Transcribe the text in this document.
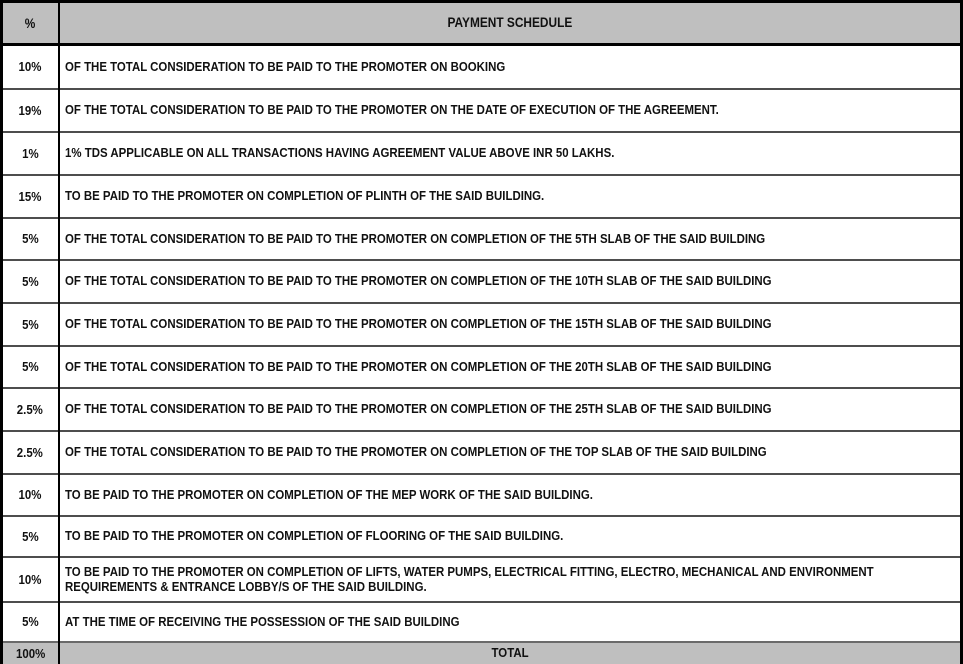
%	PAYMENT SCHEDULE
10%	OF THE TOTAL CONSIDERATION TO BE PAID TO THE PROMOTER ON BOOKING

19%	OF THE TOTAL CONSIDERATION TO BE PAID TO THE PROMOTER ON THE DATE OF EXECUTION OF THE AGREEMENT.

1%	1% TDS APPLICABLE ON ALL TRANSACTIONS HAVING AGREEMENT VALUE ABOVE INR 50 LAKHS.

15%	TO BE PAID TO THE PROMOTER ON COMPLETION OF PLINTH OF THE SAID BUILDING.

5%	OF THE TOTAL CONSIDERATION TO BE PAID TO THE PROMOTER ON COMPLETION OF THE 5TH SLAB OF THE SAID BUILDING

5%	OF THE TOTAL CONSIDERATION TO BE PAID TO THE PROMOTER ON COMPLETION OF THE 10TH SLAB OF THE SAID BUILDING

5%	OF THE TOTAL CONSIDERATION TO BE PAID TO THE PROMOTER ON COMPLETION OF THE 15TH SLAB OF THE SAID BUILDING

5%	OF THE TOTAL CONSIDERATION TO BE PAID TO THE PROMOTER ON COMPLETION OF THE 20TH SLAB OF THE SAID BUILDING

2.5%	OF THE TOTAL CONSIDERATION TO BE PAID TO THE PROMOTER ON COMPLETION OF THE 25TH SLAB OF THE SAID BUILDING

2.5%	OF THE TOTAL CONSIDERATION TO BE PAID TO THE PROMOTER ON COMPLETION OF THE TOP SLAB OF THE SAID BUILDING

10%	TO BE PAID TO THE PROMOTER ON COMPLETION OF THE MEP WORK OF THE SAID BUILDING.

5%	TO BE PAID TO THE PROMOTER ON COMPLETION OF FLOORING OF THE SAID BUILDING.

10%	TO BE PAID TO THE PROMOTER ON COMPLETION OF LIFTS, WATER PUMPS, ELECTRICAL FITTING, ELECTRO, MECHANICAL AND ENVIRONMENT REQUIREMENTS & ENTRANCE LOBBY/S OF THE SAID BUILDING.

5%	AT THE TIME OF RECEIVING THE POSSESSION OF THE SAID BUILDING

100%	TOTAL
